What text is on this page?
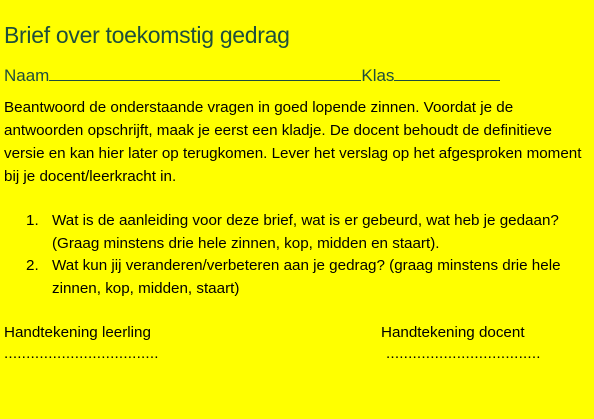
Brief over toekomstig gedrag
Naam	Klas

Beantwoord de onderstaande vragen in goed lopende zinnen. Voordat je de antwoorden opschrijft, maak je eerst een kladje. De docent behoudt de definitieve versie en kan hier later op terugkomen. Lever het verslag op het afgesproken moment bij je docent/leerkracht in.

1. Wat is de aanleiding voor deze brief, wat is er gebeurd, wat heb je gedaan? (Graag minstens drie hele zinnen, kop, midden en staart).
2. Wat kun jij veranderen/verbeteren aan je gedrag? (graag minstens drie hele zinnen, kop, midden, staart)
Handtekening leerling	Handtekening docent
...................................	...................................
